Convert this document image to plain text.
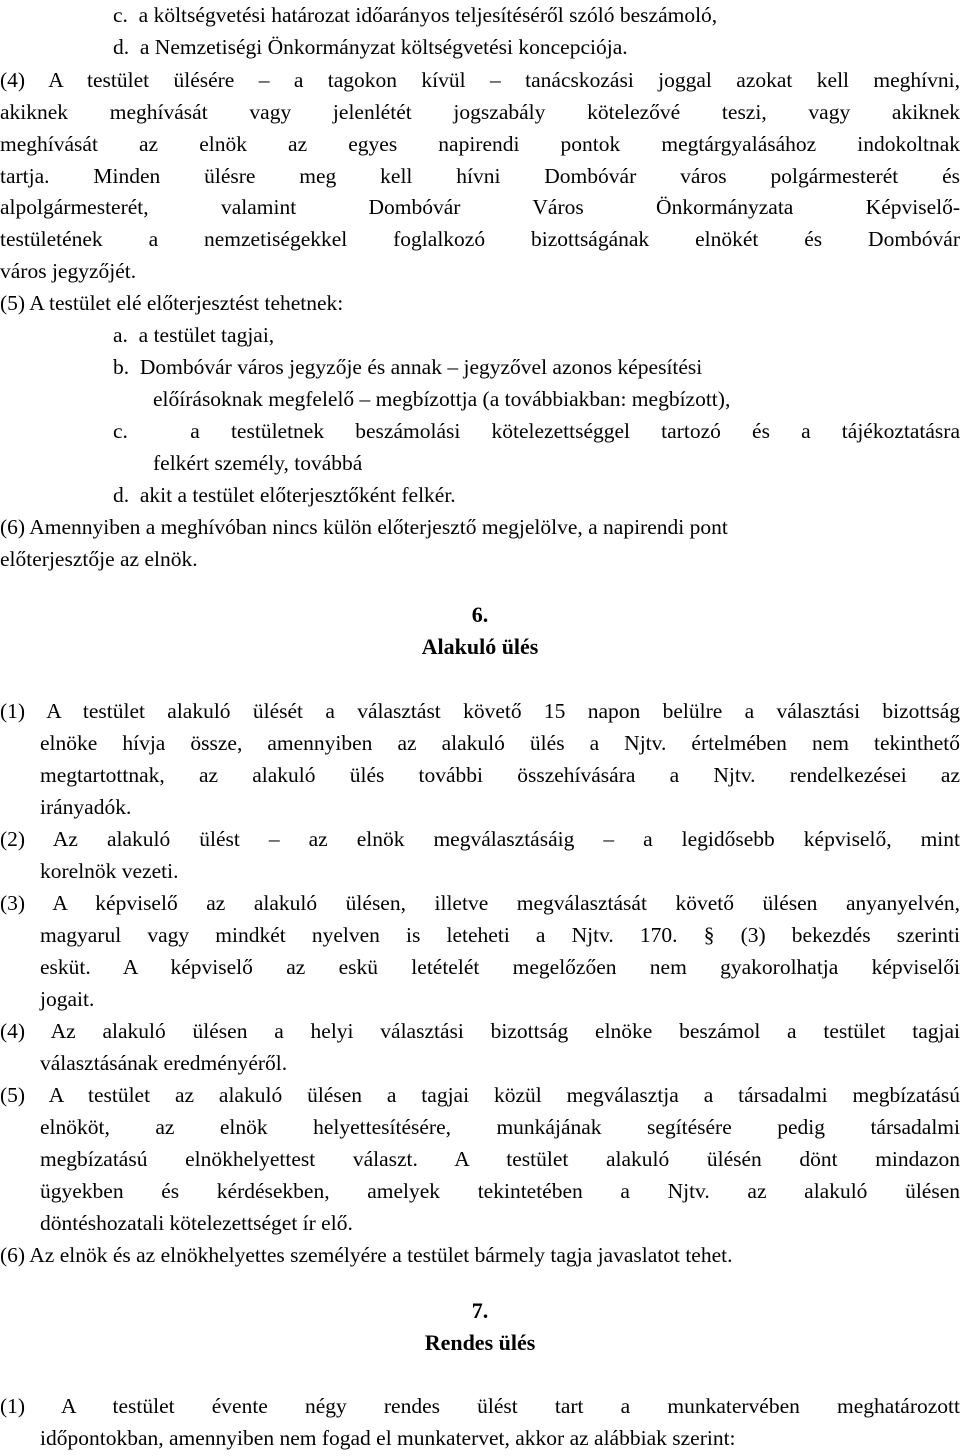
c.  a költségvetési határozat időarányos teljesítéséről szóló beszámoló,
d.  a Nemzetiségi Önkormányzat költségvetési koncepciója.
(4) A testület ülésére – a tagokon kívül – tanácskozási joggal azokat kell meghívni,
akiknek meghívását vagy jelenlétét jogszabály kötelezővé teszi, vagy akiknek
meghívását az elnök az egyes napirendi pontok megtárgyalásához indokoltnak
tartja. Minden ülésre meg kell hívni Dombóvár város polgármesterét és
alpolgármesterét, valamint Dombóvár Város Önkormányzata Képviselő-
testületének a nemzetiségekkel foglalkozó bizottságának elnökét és Dombóvár
város jegyzőjét.
(5) A testület elé előterjesztést tehetnek:
a.  a testület tagjai,
b.  Dombóvár város jegyzője és annak – jegyzővel azonos képesítési
előírásoknak megfelelő – megbízottja (a továbbiakban: megbízott),
c.  a testületnek beszámolási kötelezettséggel tartozó és a tájékoztatásra
felkért személy, továbbá
d.  akit a testület előterjesztőként felkér.
(6) Amennyiben a meghívóban nincs külön előterjesztő megjelölve, a napirendi pont
előterjesztője az elnök.
6.
Alakuló ülés
(1) A testület alakuló ülését a választást követő 15 napon belülre a választási bizottság
elnöke hívja össze, amennyiben az alakuló ülés a Njtv. értelmében nem tekinthető
megtartottnak, az alakuló ülés további összehívására a Njtv. rendelkezései az
irányadók.
(2) Az alakuló ülést – az elnök megválasztásáig – a legidősebb képviselő, mint
korelnök vezeti.
(3) A képviselő az alakuló ülésen, illetve megválasztását követő ülésen anyanyelvén,
magyarul vagy mindkét nyelven is leteheti a Njtv. 170. § (3) bekezdés szerinti
esküt. A képviselő az eskü letételét megelőzően nem gyakorolhatja képviselői
jogait.
(4) Az alakuló ülésen a helyi választási bizottság elnöke beszámol a testület tagjai
választásának eredményéről.
(5) A testület az alakuló ülésen a tagjai közül megválasztja a társadalmi megbízatású
elnököt, az elnök helyettesítésére, munkájának segítésére pedig társadalmi
megbízatású elnökhelyettest választ. A testület alakuló ülésén dönt mindazon
ügyekben és kérdésekben, amelyek tekintetében a Njtv. az alakuló ülésen
döntéshozatali kötelezettséget ír elő.
(6) Az elnök és az elnökhelyettes személyére a testület bármely tagja javaslatot tehet.
7.
Rendes ülés
(1) A testület évente négy rendes ülést tart a munkatervében meghatározott
időpontokban, amennyiben nem fogad el munkatervet, akkor az alábbiak szerint:
